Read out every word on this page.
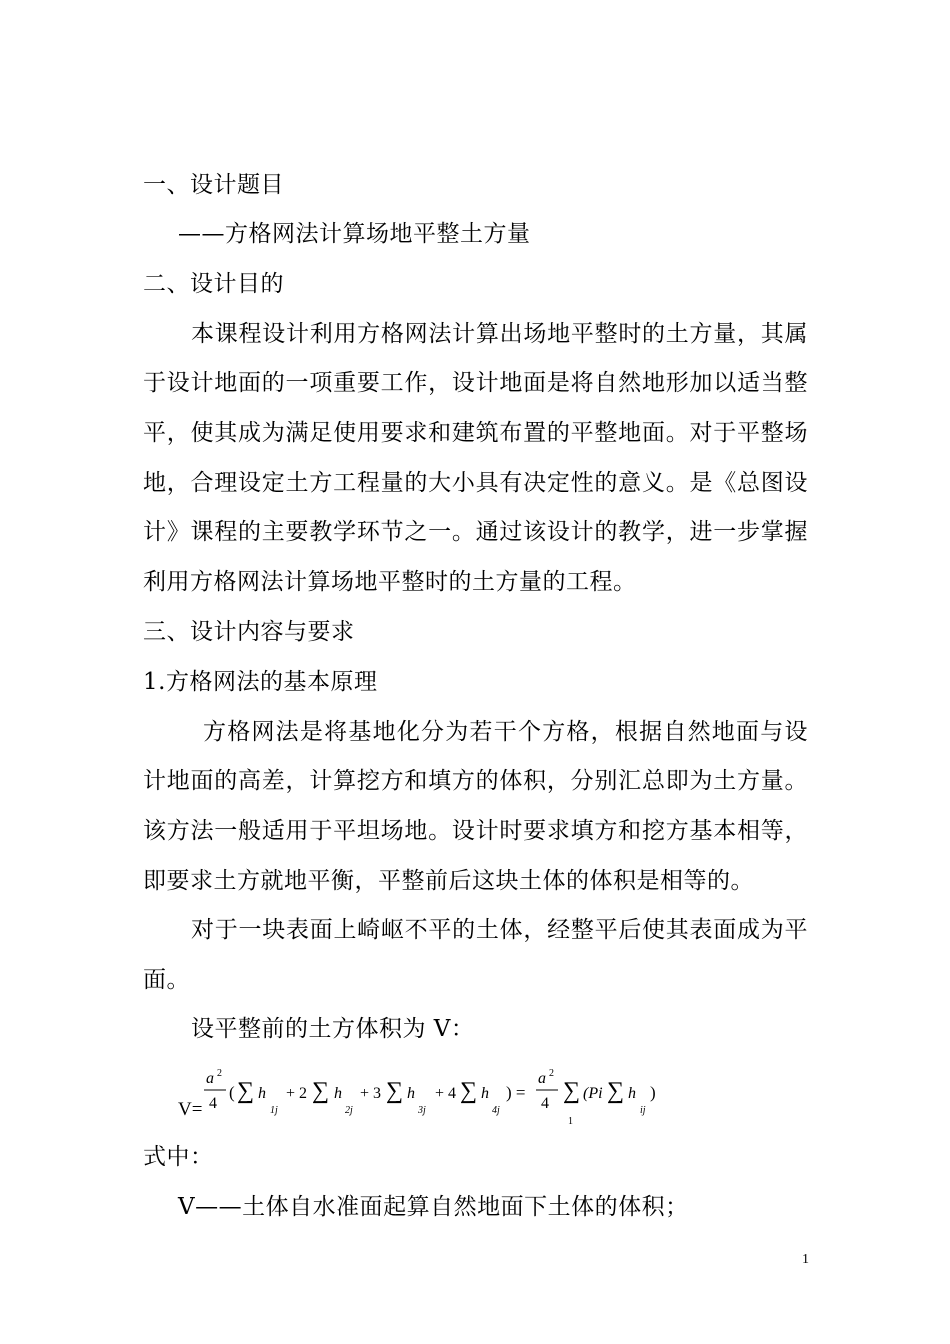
一、设计题目
——方格网法计算场地平整土方量
二、设计目的
本课程设计利用方格网法计算出场地平整时的土方量，其属
于设计地面的一项重要工作，设计地面是将自然地形加以适当整
平，使其成为满足使用要求和建筑布置的平整地面。对于平整场
地，合理设定土方工程量的大小具有决定性的意义。是《总图设
计》课程的主要教学环节之一。通过该设计的教学，进一步掌握
利用方格网法计算场地平整时的土方量的工程。
三、设计内容与要求
1.方格网法的基本原理
方格网法是将基地化分为若干个方格，根据自然地面与设
计地面的高差，计算挖方和填方的体积，分别汇总即为土方量。
该方法一般适用于平坦场地。设计时要求填方和挖方基本相等，
即要求土方就地平衡，平整前后这块土体的体积是相等的。
对于一块表面上崎岖不平的土体，经整平后使其表面成为平
面。
设平整前的土方体积为 V：
V=
a 2
4
( ∑ h
1j
+ 2 ∑ h
2j
+ 3 ∑ h
3j
+ 4 ∑ h
4j
) =
a 2
4 ∑
1
(Pi ∑ h
ij
)
式中：
V——土体自水准面起算自然地面下土体的体积；
1
